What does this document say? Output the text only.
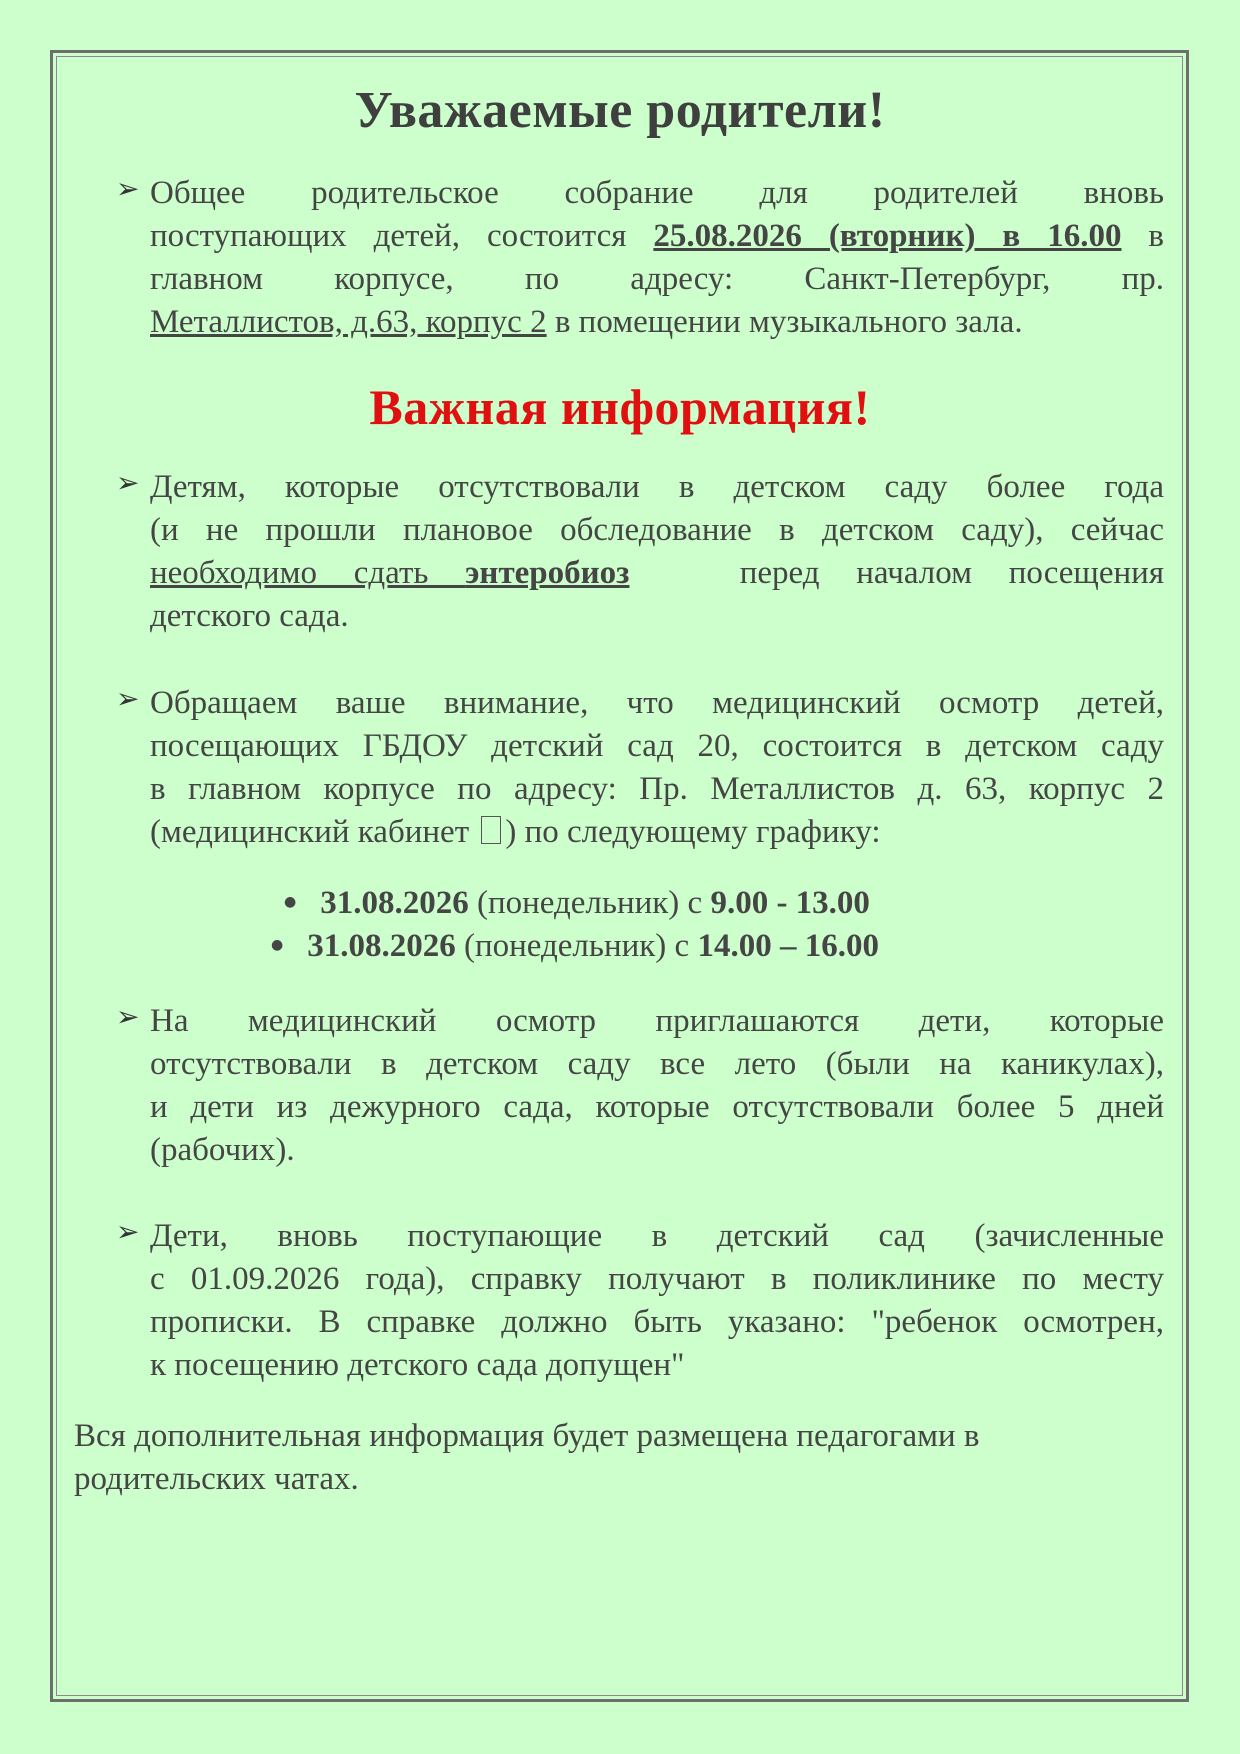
Уважаемые родители!
➢ Общее родительское собрание для родителей вновь
поступающих детей, состоится 25.08.2026 (вторник) в 16.00 в
главном корпусе, по адресу: Санкт-Петербург, пр.
Металлистов, д.63, корпус 2 в помещении музыкального зала.
Важная информация!
➢ Детям, которые отсутствовали в детском саду более года
(и не прошли плановое обследование в детском саду), сейчас
необходимо сдать энтеробиоз	перед началом посещения
детского сада.
➢ Обращаем ваше внимание, что медицинский осмотр детей,
посещающих ГБДОУ детский сад 20, состоится в детском саду
в главном корпусе по адресу: Пр. Металлистов д. 63, корпус 2
(медицинский кабинет ) по следующему графику:
● 31.08.2026 (понедельник) с 9.00 - 13.00
● 31.08.2026 (понедельник) с 14.00 – 16.00
➢ На медицинский осмотр приглашаются дети, которые
отсутствовали в детском саду все лето (были на каникулах),
и дети из дежурного сада, которые отсутствовали более 5 дней
(рабочих).
➢ Дети, вновь поступающие в детский сад (зачисленные
с 01.09.2026 года), справку получают в поликлинике по месту
прописки. В справке должно быть указано: "ребенок осмотрен,
к посещению детского сада допущен"
Вся дополнительная информация будет размещена педагогами в
родительских чатах.
